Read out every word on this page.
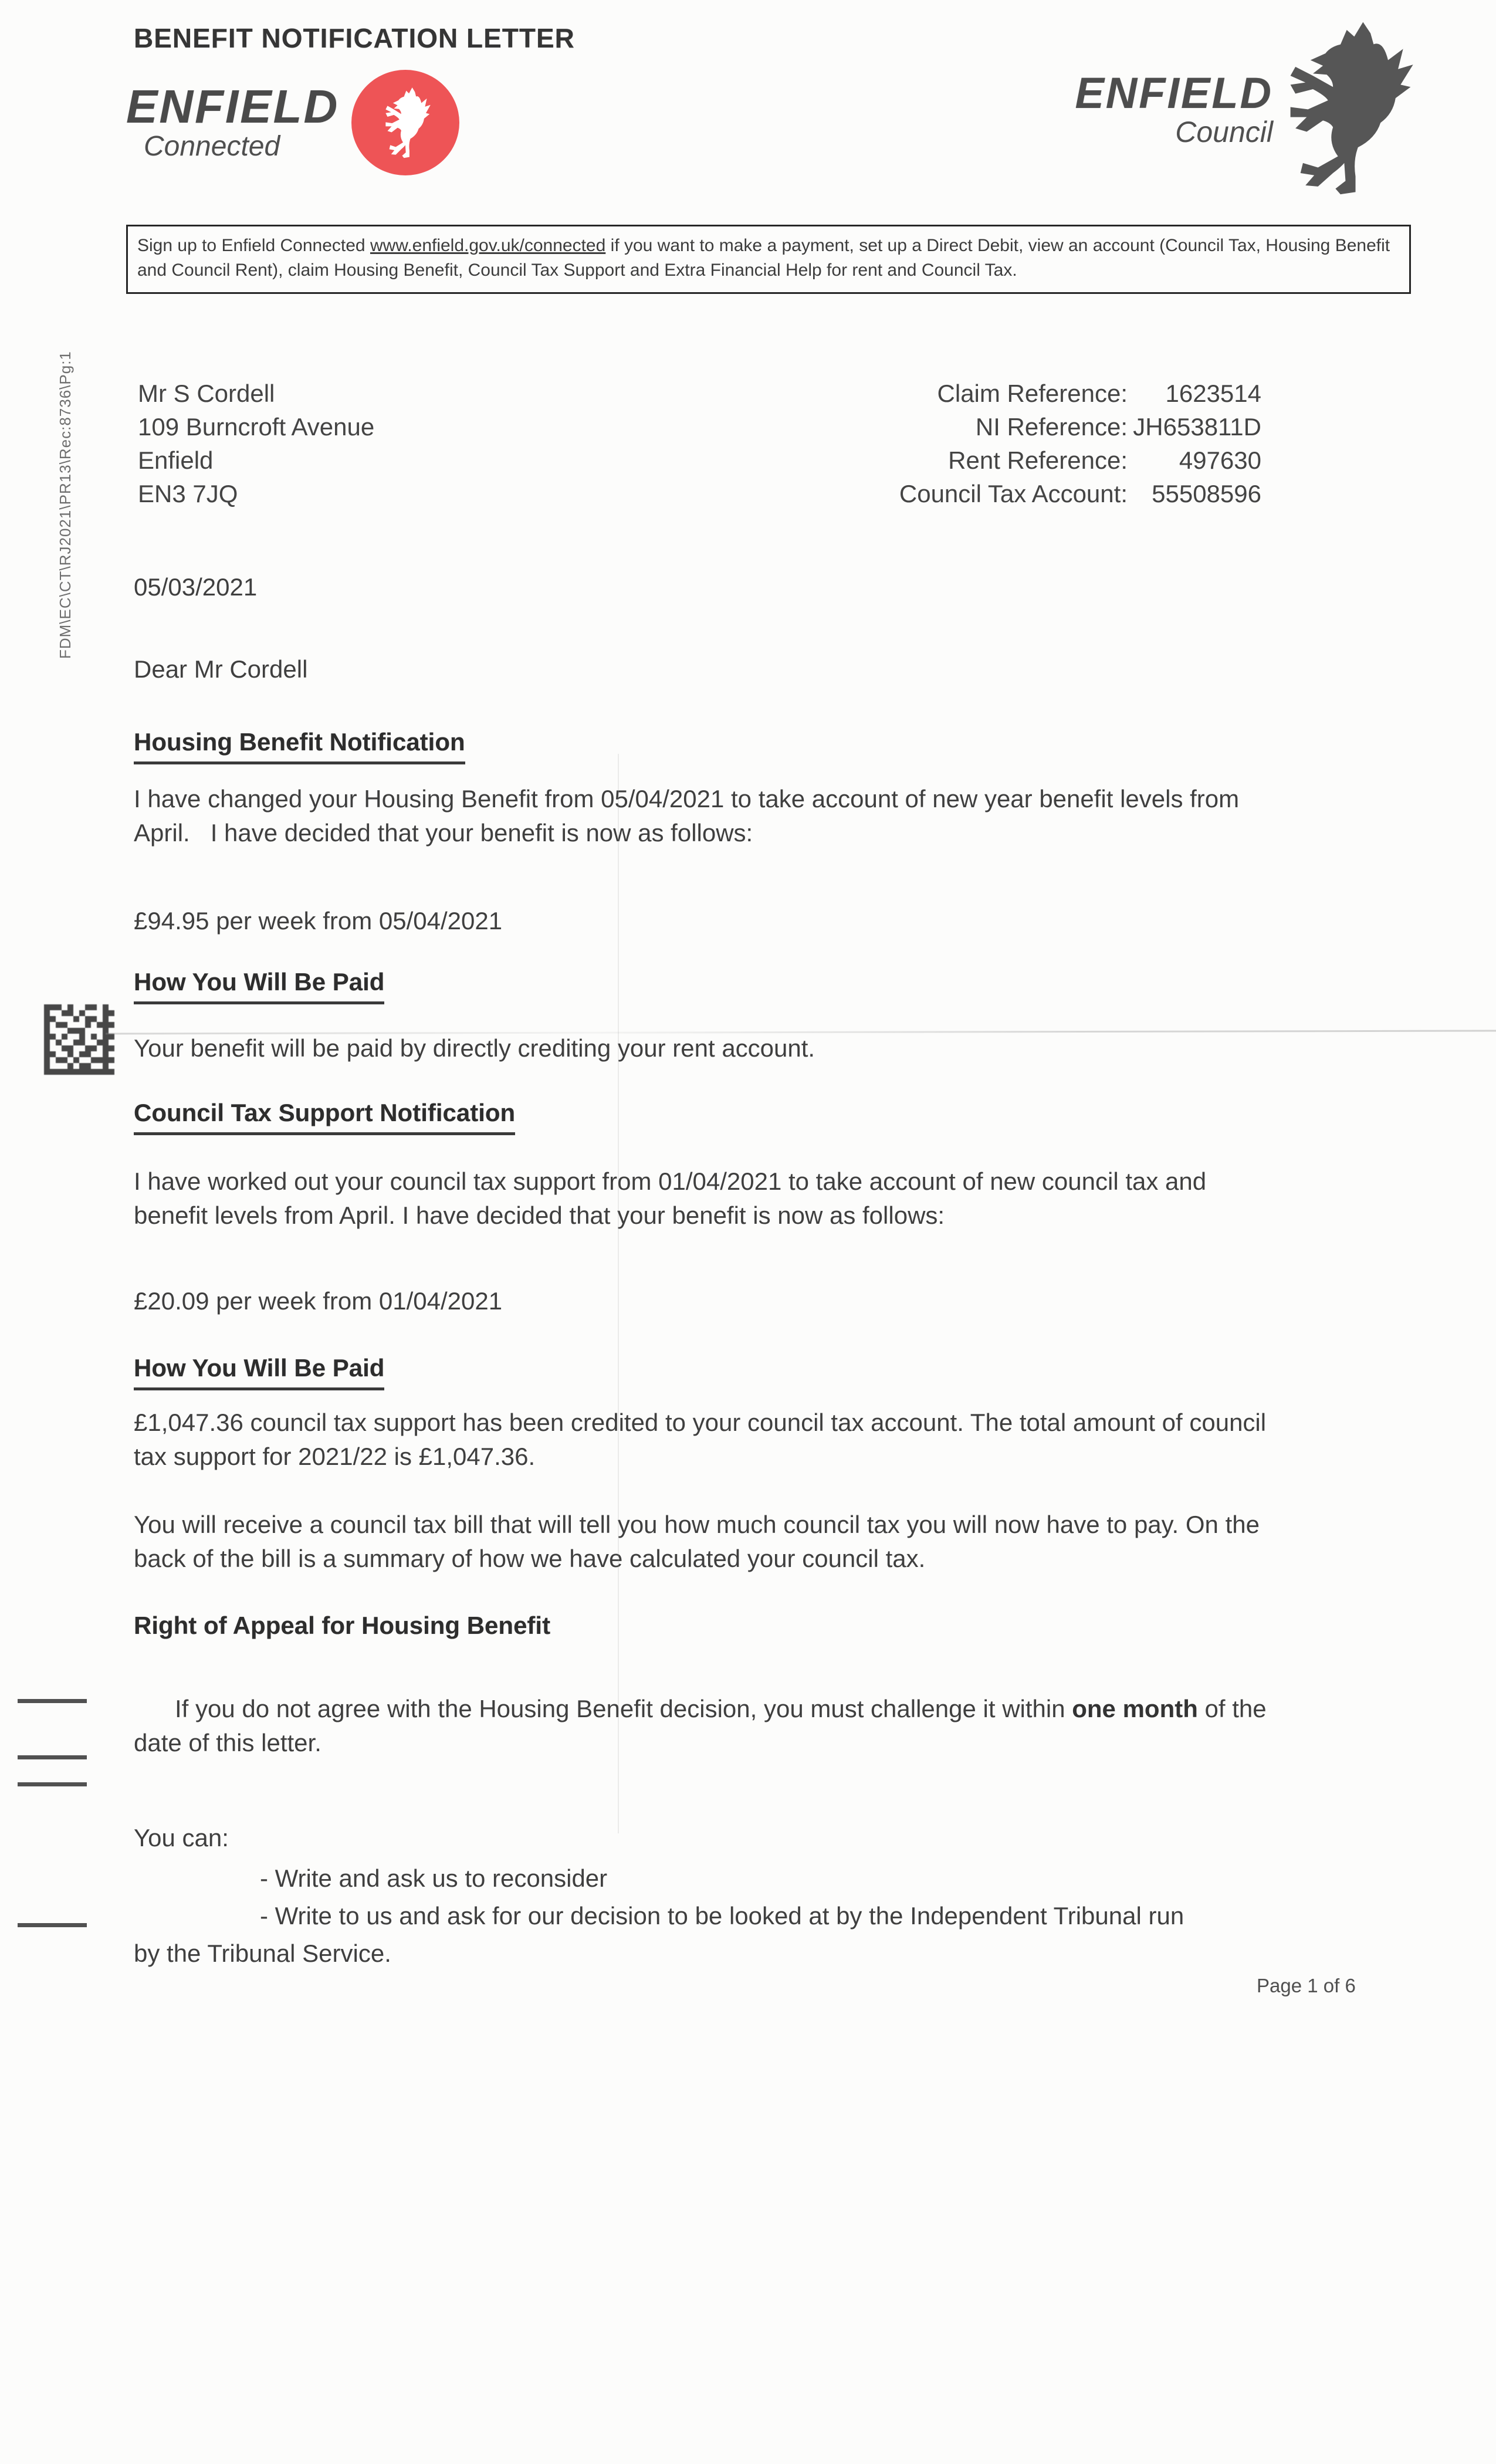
BENEFIT NOTIFICATION LETTER
ENFIELD
Connected
ENFIELD
Council
Sign up to Enfield Connected www.enfield.gov.uk/connected if you want to make a payment, set up a Direct Debit, view an account (Council Tax, Housing Benefit and Council Rent), claim Housing Benefit, Council Tax Support and Extra Financial Help for rent and Council Tax.
FDM\EC\CT\RJ2021\PR13\Rec:8736\Pg:1	Mr S Cordell
109 Burncroft Avenue
Enfield
EN3 7JQ
Claim Reference:	1623514
NI Reference: JH653811D
Rent Reference:	497630
Council Tax Account: 55508596
05/03/2021
Dear Mr Cordell
Housing Benefit Notification
I have changed your Housing Benefit from 05/04/2021 to take account of new year benefit levels from April.   I have decided that your benefit is now as follows:
£94.95 per week from 05/04/2021
How You Will Be Paid
Your benefit will be paid by directly crediting your rent account.
Council Tax Support Notification
I have worked out your council tax support from 01/04/2021 to take account of new council tax and benefit levels from April. I have decided that your benefit is now as follows:
£20.09 per week from 01/04/2021
How You Will Be Paid
£1,047.36 council tax support has been credited to your council tax account. The total amount of council tax support for 2021/22 is £1,047.36.
You will receive a council tax bill that will tell you how much council tax you will now have to pay. On the back of the bill is a summary of how we have calculated your council tax.
Right of Appeal for Housing Benefit

If you do not agree with the Housing Benefit decision, you must challenge it within one month of the date of this letter.

You can:
- Write and ask us to reconsider
- Write to us and ask for our decision to be looked at by the Independent Tribunal run
by the Tribunal Service.
Page 1 of 6
